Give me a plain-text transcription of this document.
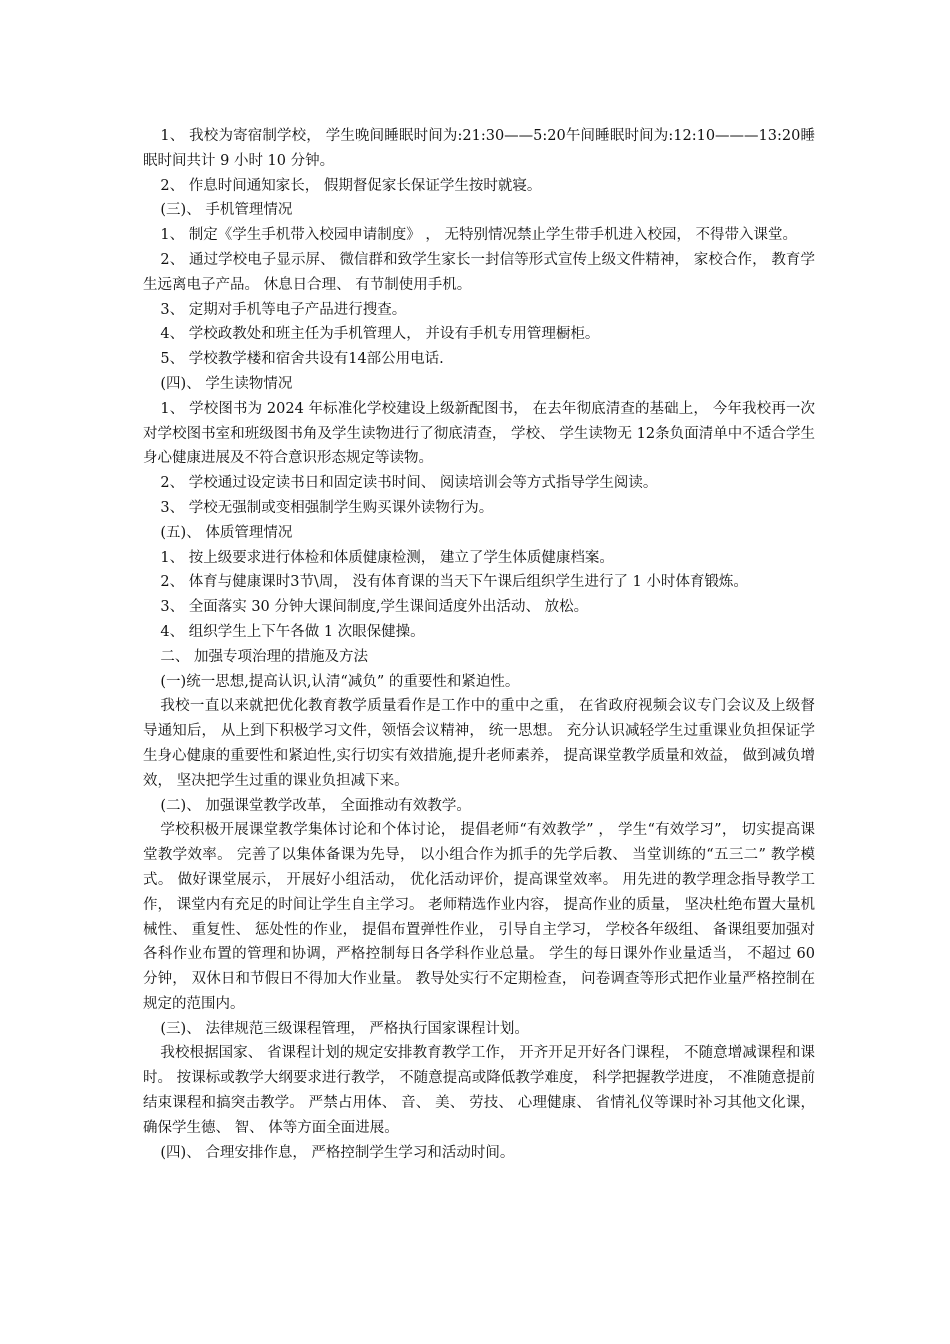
1、 我校为寄宿制学校， 学生晚间睡眠时间为:21:30——5:20午间睡眠时间为:12:10———13:20睡眠时间共计 9 小时 10 分钟。

2、 作息时间通知家长， 假期督促家长保证学生按时就寝。

(三)、 手机管理情况

1、 制定《学生手机带入校园申请制度》 ， 无特别情况禁止学生带手机进入校园， 不得带入课堂。

2、 通过学校电子显示屏、 微信群和致学生家长一封信等形式宣传上级文件精神， 家校合作， 教育学生远离电子产品。 休息日合理、 有节制使用手机。

3、 定期对手机等电子产品进行搜查。

4、 学校政教处和班主任为手机管理人， 并设有手机专用管理橱柜。

5、 学校教学楼和宿舍共设有14部公用电话.

(四)、 学生读物情况

1、 学校图书为 2024 年标准化学校建设上级新配图书， 在去年彻底清查的基础上， 今年我校再一次对学校图书室和班级图书角及学生读物进行了彻底清查， 学校、 学生读物无 12条负面清单中不适合学生身心健康进展及不符合意识形态规定等读物。

2、 学校通过设定读书日和固定读书时间、 阅读培训会等方式指导学生阅读。

3、 学校无强制或变相强制学生购买课外读物行为。

(五)、 体质管理情况

1、 按上级要求进行体检和体质健康检测， 建立了学生体质健康档案。

2、 体育与健康课时3节\周， 没有体育课的当天下午课后组织学生进行了 1 小时体育锻炼。

3、 全面落实 30 分钟大课间制度,学生课间适度外出活动、 放松。

4、 组织学生上下午各做 1 次眼保健操。

二、 加强专项治理的措施及方法

(一)统一思想,提高认识,认清“减负” 的重要性和紧迫性。

我校一直以来就把优化教育教学质量看作是工作中的重中之重， 在省政府视频会议专门会议及上级督导通知后， 从上到下积极学习文件，领悟会议精神， 统一思想。 充分认识减轻学生过重课业负担保证学生身心健康的重要性和紧迫性,实行切实有效措施,提升老师素养， 提高课堂教学质量和效益， 做到减负增效， 坚决把学生过重的课业负担减下来。

(二)、 加强课堂教学改革， 全面推动有效教学。

学校积极开展课堂教学集体讨论和个体讨论， 提倡老师“有效教学” ， 学生“有效学习”， 切实提高课堂教学效率。 完善了以集体备课为先导， 以小组合作为抓手的先学后教、 当堂训练的“五三二” 教学模式。 做好课堂展示， 开展好小组活动， 优化活动评价，提高课堂效率。 用先进的教学理念指导教学工作， 课堂内有充足的时间让学生自主学习。 老师精选作业内容， 提高作业的质量， 坚决杜绝布置大量机械性、 重复性、 惩处性的作业， 提倡布置弹性作业， 引导自主学习， 学校各年级组、 备课组要加强对各科作业布置的管理和协调，严格控制每日各学科作业总量。 学生的每日课外作业量适当， 不超过 60 分钟， 双休日和节假日不得加大作业量。 教导处实行不定期检查， 问卷调查等形式把作业量严格控制在规定的范围内。

(三)、 法律规范三级课程管理， 严格执行国家课程计划。

我校根据国家、 省课程计划的规定安排教育教学工作， 开齐开足开好各门课程， 不随意增减课程和课时。 按课标或教学大纲要求进行教学， 不随意提高或降低教学难度， 科学把握教学进度， 不准随意提前结束课程和搞突击教学。 严禁占用体、 音、 美、 劳技、 心理健康、 省情礼仪等课时补习其他文化课， 确保学生德、 智、 体等方面全面进展。

(四)、 合理安排作息， 严格控制学生学习和活动时间。
